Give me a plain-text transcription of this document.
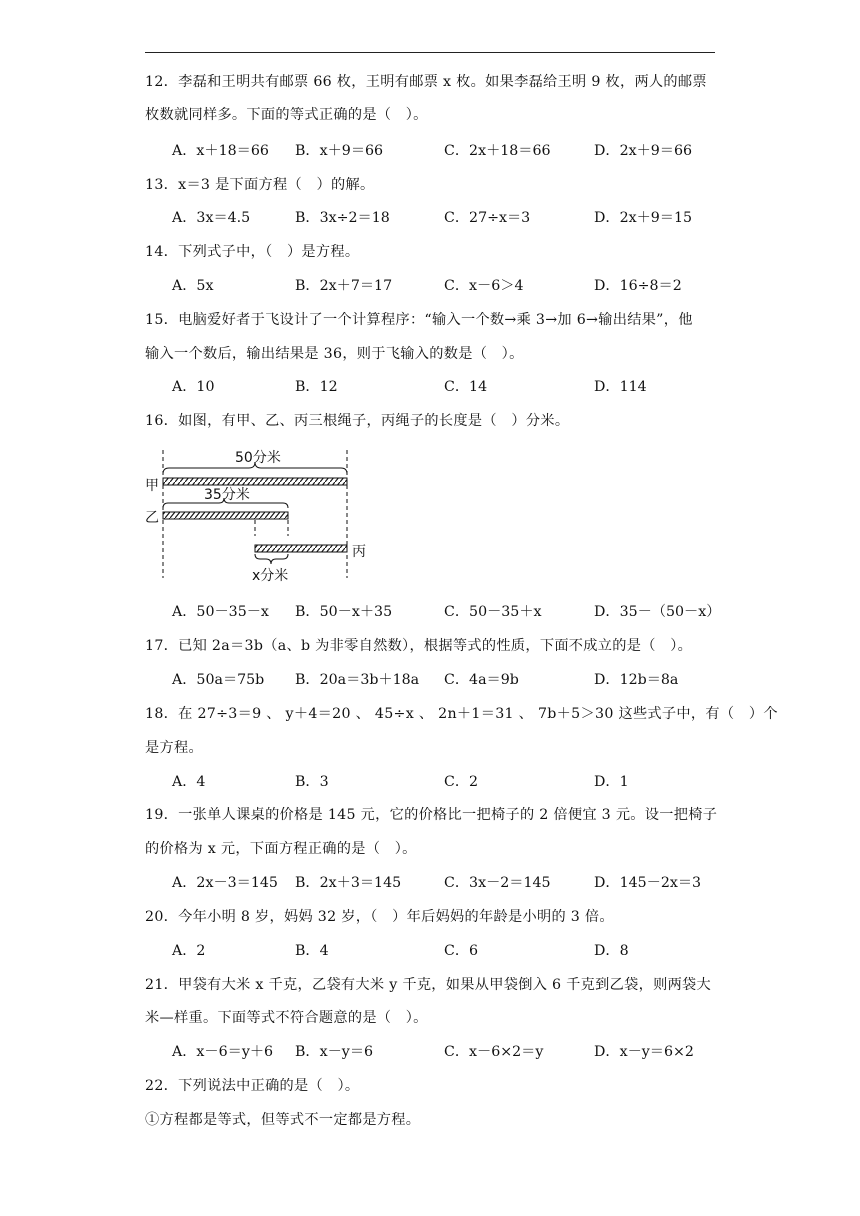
12．李磊和王明共有邮票 66 枚，王明有邮票 x 枚。如果李磊给王明 9 枚，两人的邮票
枚数就同样多。下面的等式正确的是（　）。
A．x＋18＝66 B．x＋9＝66	C．2x＋18＝66	D．2x＋9＝66
13．x＝3 是下面方程（　）的解。
A．3x＝4.5	B．3x÷2＝18	C．27÷x＝3	D．2x＋9＝15
14．下列式子中，（　）是方程。
A．5x	B．2x＋7＝17	C．x－6＞4	D．16÷8＝2
15．电脑爱好者于飞设计了一个计算程序：“输入一个数→乘 3→加 6→输出结果”，他
输入一个数后，输出结果是 36，则于飞输入的数是（　）。
A．10	B．12	C．14	D．114
16．如图，有甲、乙、丙三根绳子，丙绳子的长度是（　）分米。
50分米
甲
35分米
乙
丙
x分米
A．50－35－x B．50－x＋35	C．50－35＋x	D．35－（50－x）
17．已知 2a＝3b（a、b 为非零自然数），根据等式的性质，下面不成立的是（　）。
A．50a＝75b B．20a＝3b＋18a C．4a＝9b	D．12b＝8a
18．在 27÷3＝9 、 y＋4＝20 、 45÷x 、 2n＋1＝31 、 7b＋5＞30 这些式子中，有（　）个
是方程。
A．4	B．3	C．2	D．1
19．一张单人课桌的价格是 145 元，它的价格比一把椅子的 2 倍便宜 3 元。设一把椅子
的价格为 x 元，下面方程正确的是（　）。
A．2x－3＝145 B．2x＋3＝145	C．3x－2＝145	D．145－2x＝3
20．今年小明 8 岁，妈妈 32 岁，（　）年后妈妈的年龄是小明的 3 倍。
A．2	B．4	C．6	D．8
21．甲袋有大米 x 千克，乙袋有大米 y 千克，如果从甲袋倒入 6 千克到乙袋，则两袋大
米—样重。下面等式不符合题意的是（　）。
A．x－6＝y＋6 B．x－y＝6	C．x－6×2＝y	D．x－y＝6×2
22．下列说法中正确的是（　）。
①方程都是等式，但等式不一定都是方程。
